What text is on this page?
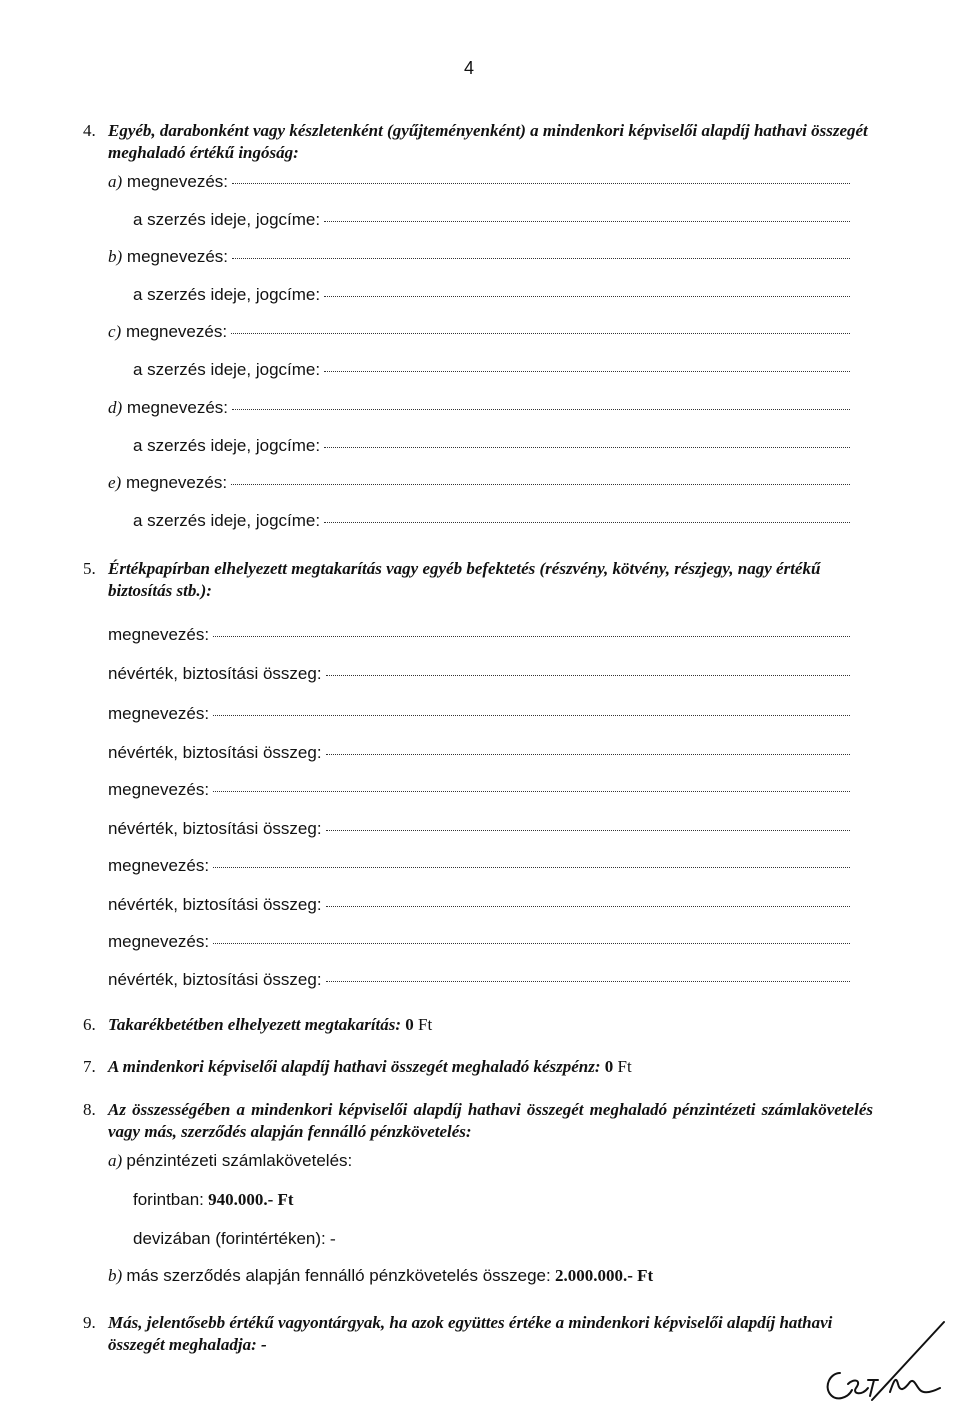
4
4. Egyéb, darabonként vagy készletenként (gyűjteményenként) a mindenkori képviselői alapdíj hathavi összegét meghaladó értékű ingóság:
a) megnevezés:
a szerzés ideje, jogcíme:
b) megnevezés:
a szerzés ideje, jogcíme:
c) megnevezés:
a szerzés ideje, jogcíme:
d) megnevezés:
a szerzés ideje, jogcíme:
e) megnevezés:
a szerzés ideje, jogcíme:
5. Értékpapírban elhelyezett megtakarítás vagy egyéb befektetés (részvény, kötvény, részjegy, nagy értékű biztosítás stb.):
megnevezés:
névérték, biztosítási összeg:
megnevezés:
névérték, biztosítási összeg:
megnevezés:
névérték, biztosítási összeg:
megnevezés:
névérték, biztosítási összeg:
megnevezés:
névérték, biztosítási összeg:
6. Takarékbetétben elhelyezett megtakarítás: 0 Ft
7. A mindenkori képviselői alapdíj hathavi összegét meghaladó készpénz: 0 Ft
8. Az összességében a mindenkori képviselői alapdíj hathavi összegét meghaladó pénzintézeti számlakövetelés vagy más, szerződés alapján fennálló pénzkövetelés:
a) pénzintézeti számlakövetelés:
forintban: 940.000.- Ft
devizában (forintértéken): -
b) más szerződés alapján fennálló pénzkövetelés összege: 2.000.000.- Ft
9. Más, jelentősebb értékű vagyontárgyak, ha azok együttes értéke a mindenkori képviselői alapdíj hathavi összegét meghaladja: -
